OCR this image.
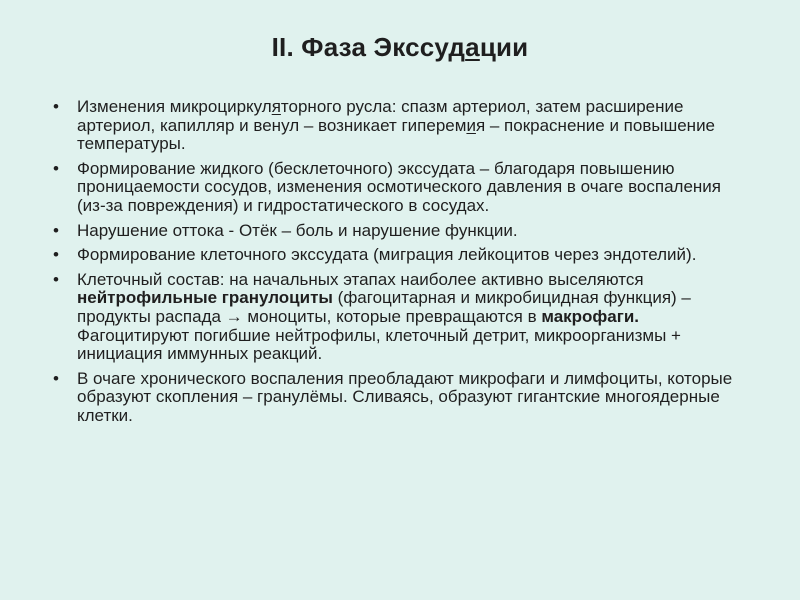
II. Фаза Экссудации
• Изменения микроциркуляторного русла: спазм артериол, затем расширение артериол, капилляр и венул – возникает гиперемия – покраснение и повышение температуры.
• Формирование жидкого (бесклеточного) экссудата – благодаря повышению проницаемости сосудов, изменения осмотического давления в очаге воспаления (из-за повреждения) и гидростатического в сосудах.
• Нарушение оттока - Отёк – боль и нарушение функции.
• Формирование клеточного экссудата (миграция лейкоцитов через эндотелий).
• Клеточный состав: на начальных этапах наиболее активно выселяются нейтрофильные гранулоциты (фагоцитарная и микробицидная функция) – продукты распада → моноциты, которые превращаются в макрофаги. Фагоцитируют погибшие нейтрофилы, клеточный детрит, микроорганизмы + инициация иммунных реакций.
• В очаге хронического воспаления преобладают микрофаги и лимфоциты, которые образуют скопления – гранулёмы. Сливаясь, образуют гигантские многоядерные клетки.
